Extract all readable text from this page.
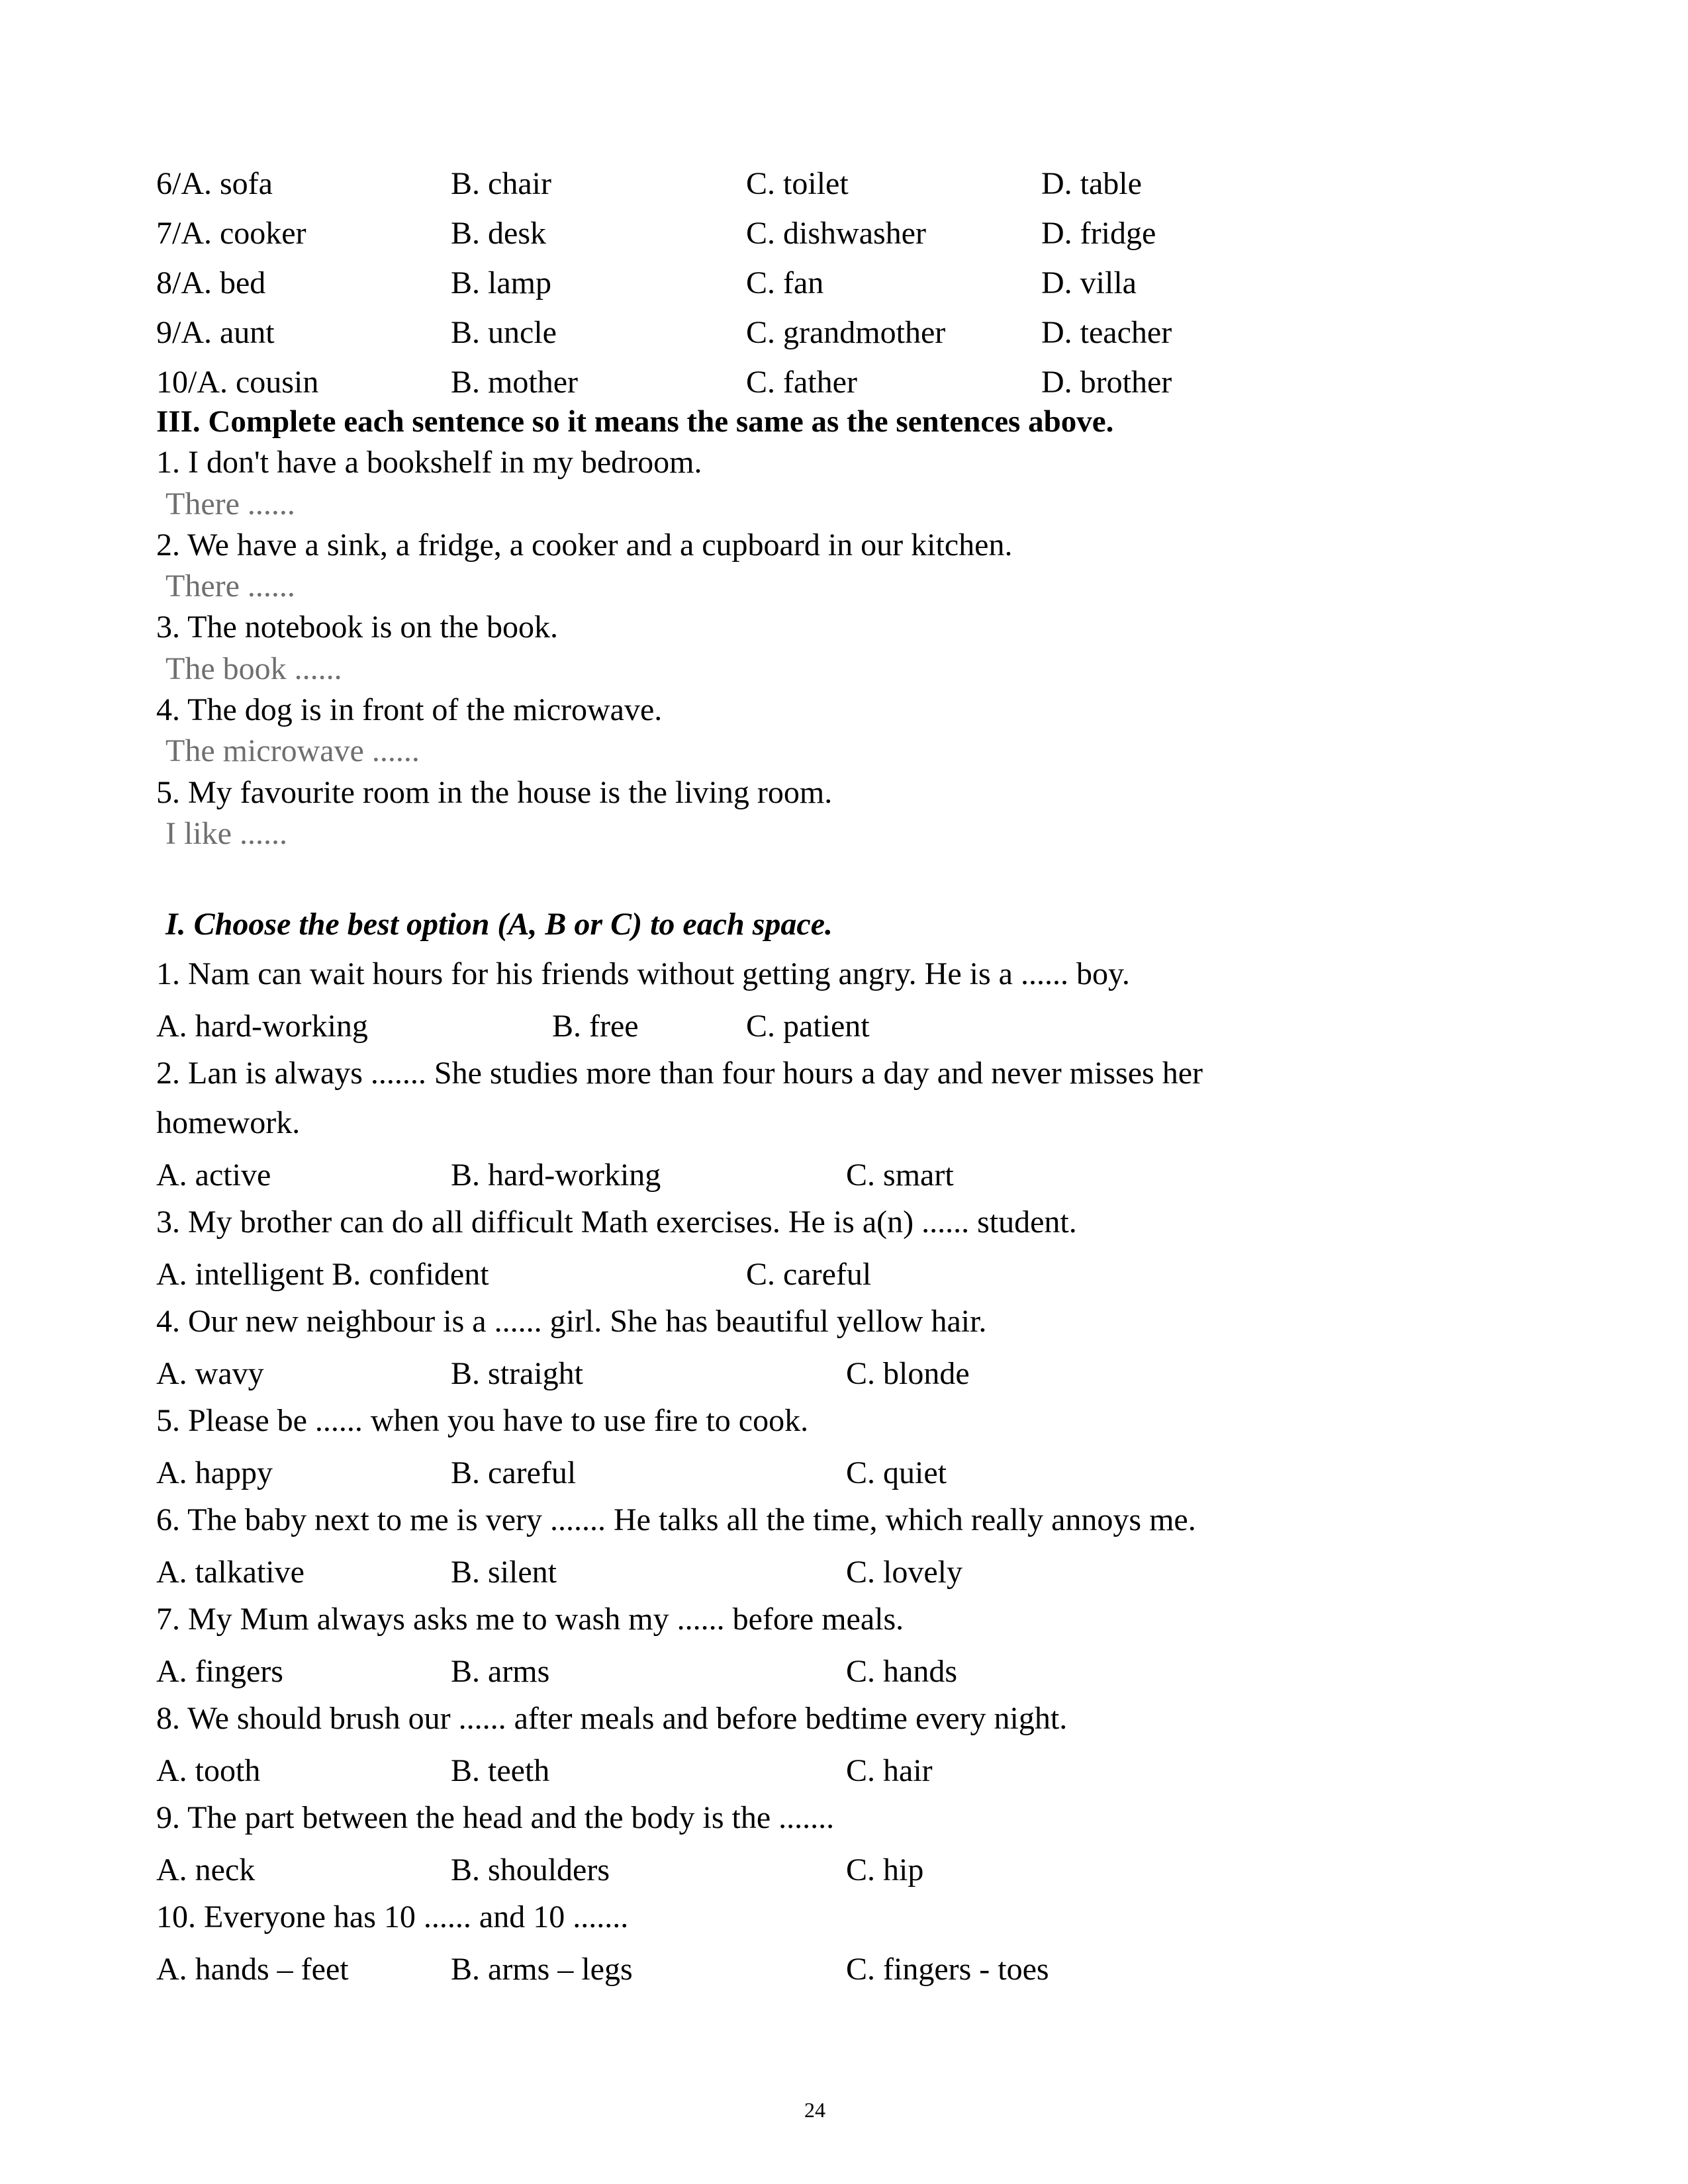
6/A. sofa	B. chair	C. toilet	D. table
7/A. cooker	B. desk	C. dishwasher	D. fridge
8/A. bed	B. lamp	C. fan	D. villa
9/A. aunt	B. uncle	C. grandmother	D. teacher
10/A. cousin	B. mother	C. father	D. brother
III. Complete each sentence so it means the same as the sentences above.
1. I don't have a bookshelf in my bedroom.
There ......
2. We have a sink, a fridge, a cooker and a cupboard in our kitchen.
There ......
3. The notebook is on the book.
The book ......
4. The dog is in front of the microwave.
The microwave ......
5. My favourite room in the house is the living room.
I like ......
I. Choose the best option (A, B or C) to each space.
1. Nam can wait hours for his friends without getting angry. He is a ...... boy.
A. hard-working	B. free	C. patient
2. Lan is always ....... She studies more than four hours a day and never misses her
homework.
A. active	B. hard-working	C. smart
3. My brother can do all difficult Math exercises. He is a(n) ...... student.
A. intelligent B. confident	C. careful
4. Our new neighbour is a ...... girl. She has beautiful yellow hair.
A. wavy	B. straight	C. blonde
5. Please be ...... when you have to use fire to cook.
A. happy	B. careful	C. quiet
6. The baby next to me is very ....... He talks all the time, which really annoys me.
A. talkative	B. silent	C. lovely
7. My Mum always asks me to wash my ...... before meals.
A. fingers	B. arms	C. hands
8. We should brush our ...... after meals and before bedtime every night.
A. tooth	B. teeth	C. hair
9. The part between the head and the body is the .......
A. neck	B. shoulders	C. hip
10. Everyone has 10 ...... and 10 .......
A. hands – feet	B. arms – legs	C. fingers - toes
24
